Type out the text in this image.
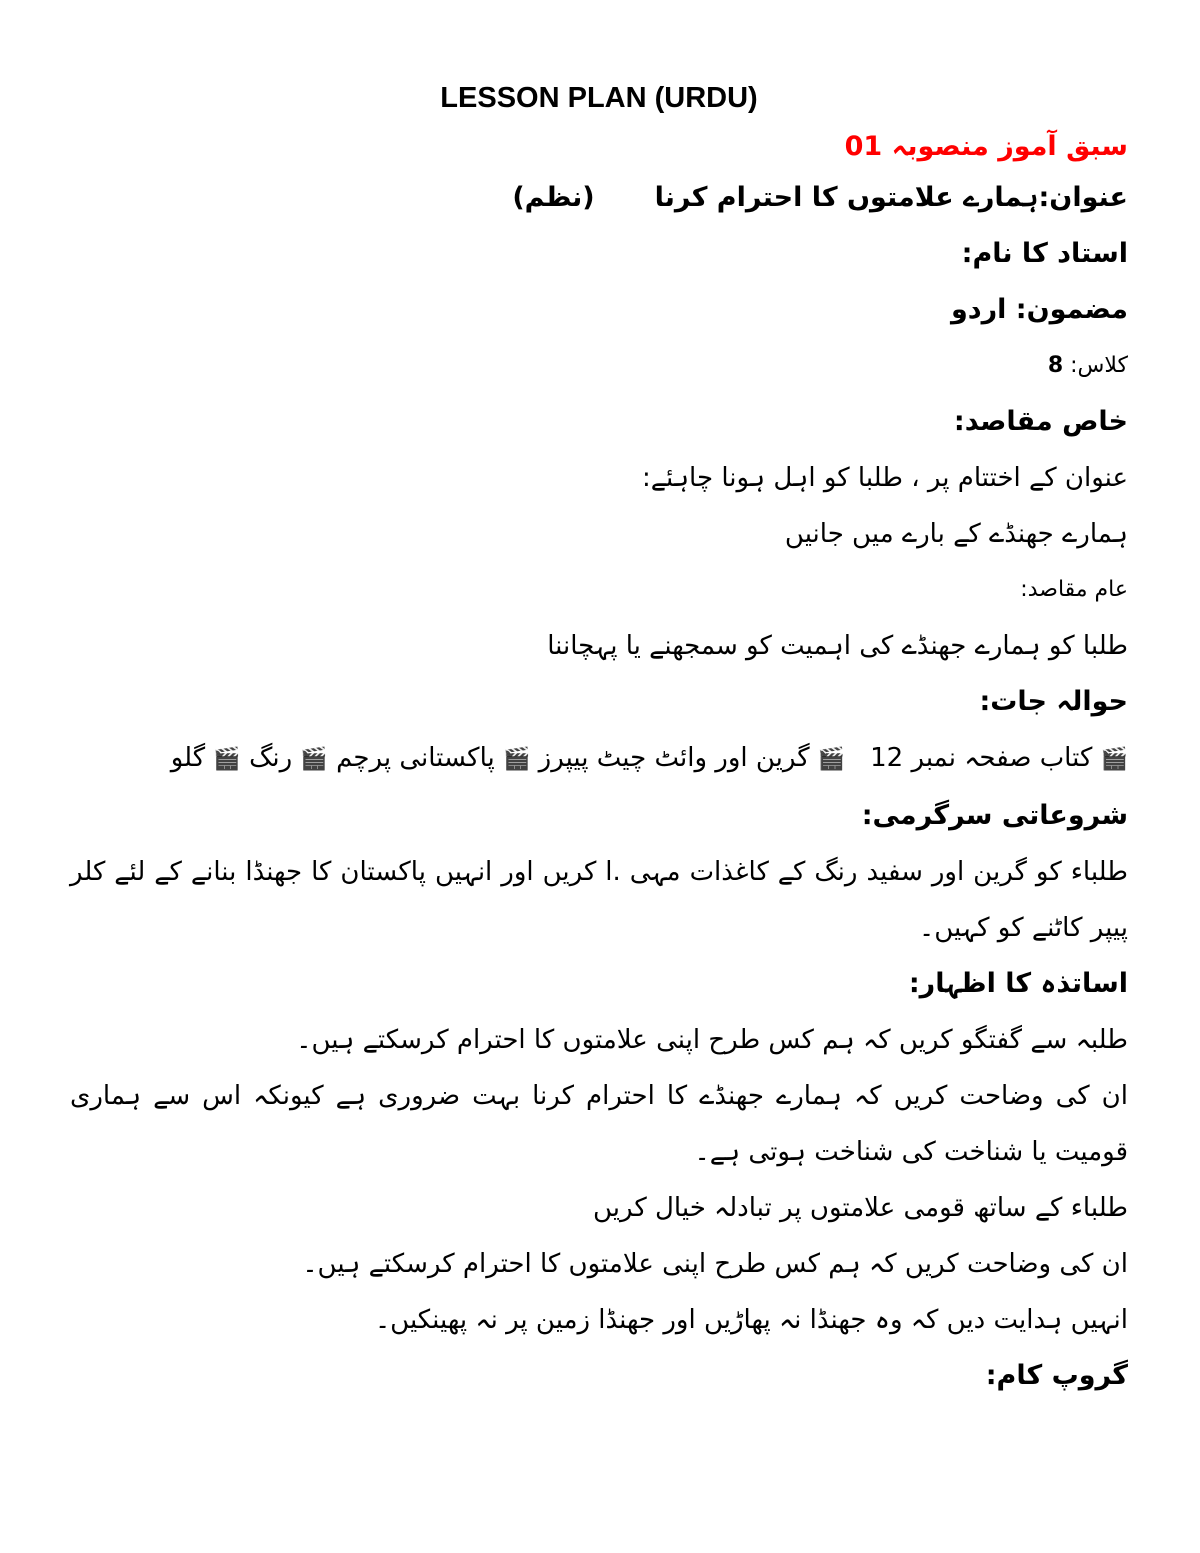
LESSON PLAN (URDU)

سبق آموز منصوبہ 01

عنوان:ہمارے علامتوں کا احترام کرنا(نظم)

استاد کا نام:

مضمون: اردو

کلاس: 8

خاص مقاصد:

عنوان کے اختتام پر ، طلبا کو اہل ہونا چاہئے:

ہمارے جھنڈے کے بارے میں جانیں

عام مقاصد:

طلبا کو ہمارے جھنڈے کی اہمیت کو سمجھنے یا پہچاننا

حوالہ جات:

🎬 کتاب صفحہ نمبر 12   🎬 گرین اور وائٹ چیٹ پیپرز 🎬 پاکستانی پرچم 🎬 رنگ 🎬 گلو

شروعاتی سرگرمی:

طلباء کو گرین اور سفید رنگ کے کاغذات مہی .ا کریں اور انہیں پاکستان کا جھنڈا بنانے کے لئے کلر پیپر کاٹنے کو کہیں۔

اساتذہ کا اظہار:

طلبہ سے گفتگو کریں کہ ہم کس طرح اپنی علامتوں کا احترام کرسکتے ہیں۔

ان کی وضاحت کریں کہ ہمارے جھنڈے کا احترام کرنا بہت ضروری ہے کیونکہ اس سے ہماری قومیت یا شناخت کی شناخت ہوتی ہے۔

طلباء کے ساتھ قومی علامتوں پر تبادلہ خیال کریں

ان کی وضاحت کریں کہ ہم کس طرح اپنی علامتوں کا احترام کرسکتے ہیں۔

انہیں ہدایت دیں کہ وہ جھنڈا نہ پھاڑیں اور جھنڈا زمین پر نہ پھینکیں۔

گروپ کام:
